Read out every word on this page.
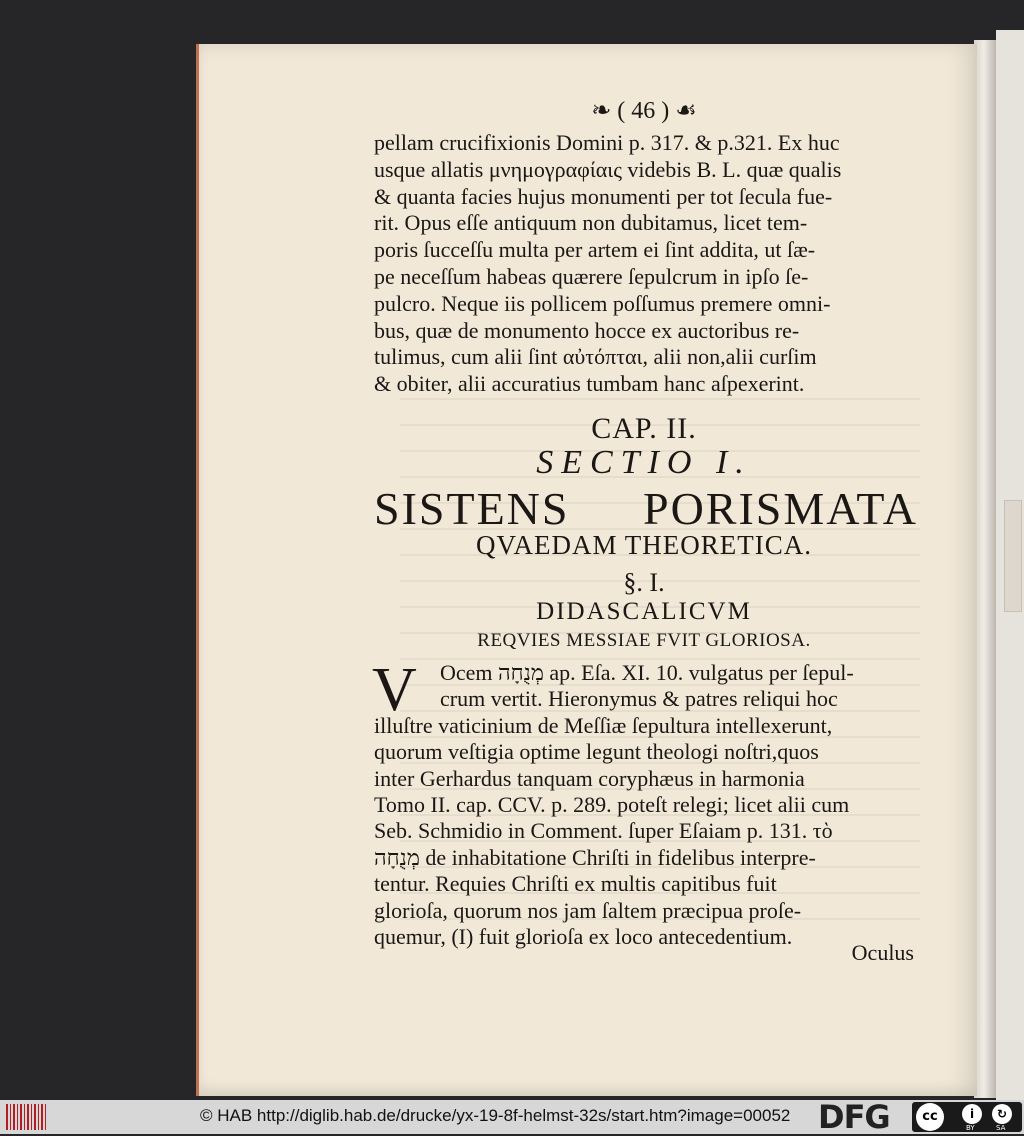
❧ ( 46 ) ☙
pellam crucifixionis Domini p. 317. & p.321. Ex huc
usque allatis μνημογραφίαις videbis B. L. quæ qualis
& quanta facies hujus monumenti per tot ſecula fue-
rit. Opus eſſe antiquum non dubitamus, licet tem-
poris ſucceſſu multa per artem ei ſint addita, ut ſæ-
pe neceſſum habeas quærere ſepulcrum in ipſo ſe-
pulcro. Neque iis pollicem poſſumus premere omni-
bus, quæ de monumento hocce ex auctoribus re-
tulimus, cum alii ſint αὐτόπται, alii non,alii curſim
& obiter, alii accuratius tumbam hanc aſpexerint.
CAP. II.
SECTIO I.
SISTENS PORISMATA
QVAEDAM THEORETICA.
§. I.
DIDASCALICVM
REQVIES MESSIAE FVIT GLORIOSA.
V	Ocem מְנֻחָה ap. Eſa. XI. 10. vulgatus per ſepul-
crum vertit. Hieronymus & patres reliqui hoc
illuſtre vaticinium de Meſſiæ ſepultura intellexerunt,
quorum veſtigia optime legunt theologi noſtri,quos
inter Gerhardus tanquam coryphæus in harmonia
Tomo II. cap. CCV. p. 289. poteſt relegi; licet alii cum
Seb. Schmidio in Comment. ſuper Eſaiam p. 131. τὸ
מְנֻחָה de inhabitatione Chriſti in fidelibus interpre-
tentur. Requies Chriſti ex multis capitibus fuit
glorioſa, quorum nos jam ſaltem præcipua proſe-
quemur, (I) fuit glorioſa ex loco antecedentium.
Oculus
© HAB http://diglib.hab.de/drucke/yx-19-8f-helmst-32s/start.htm?image=00052 DFG	cc	i	↻
BY	SA
